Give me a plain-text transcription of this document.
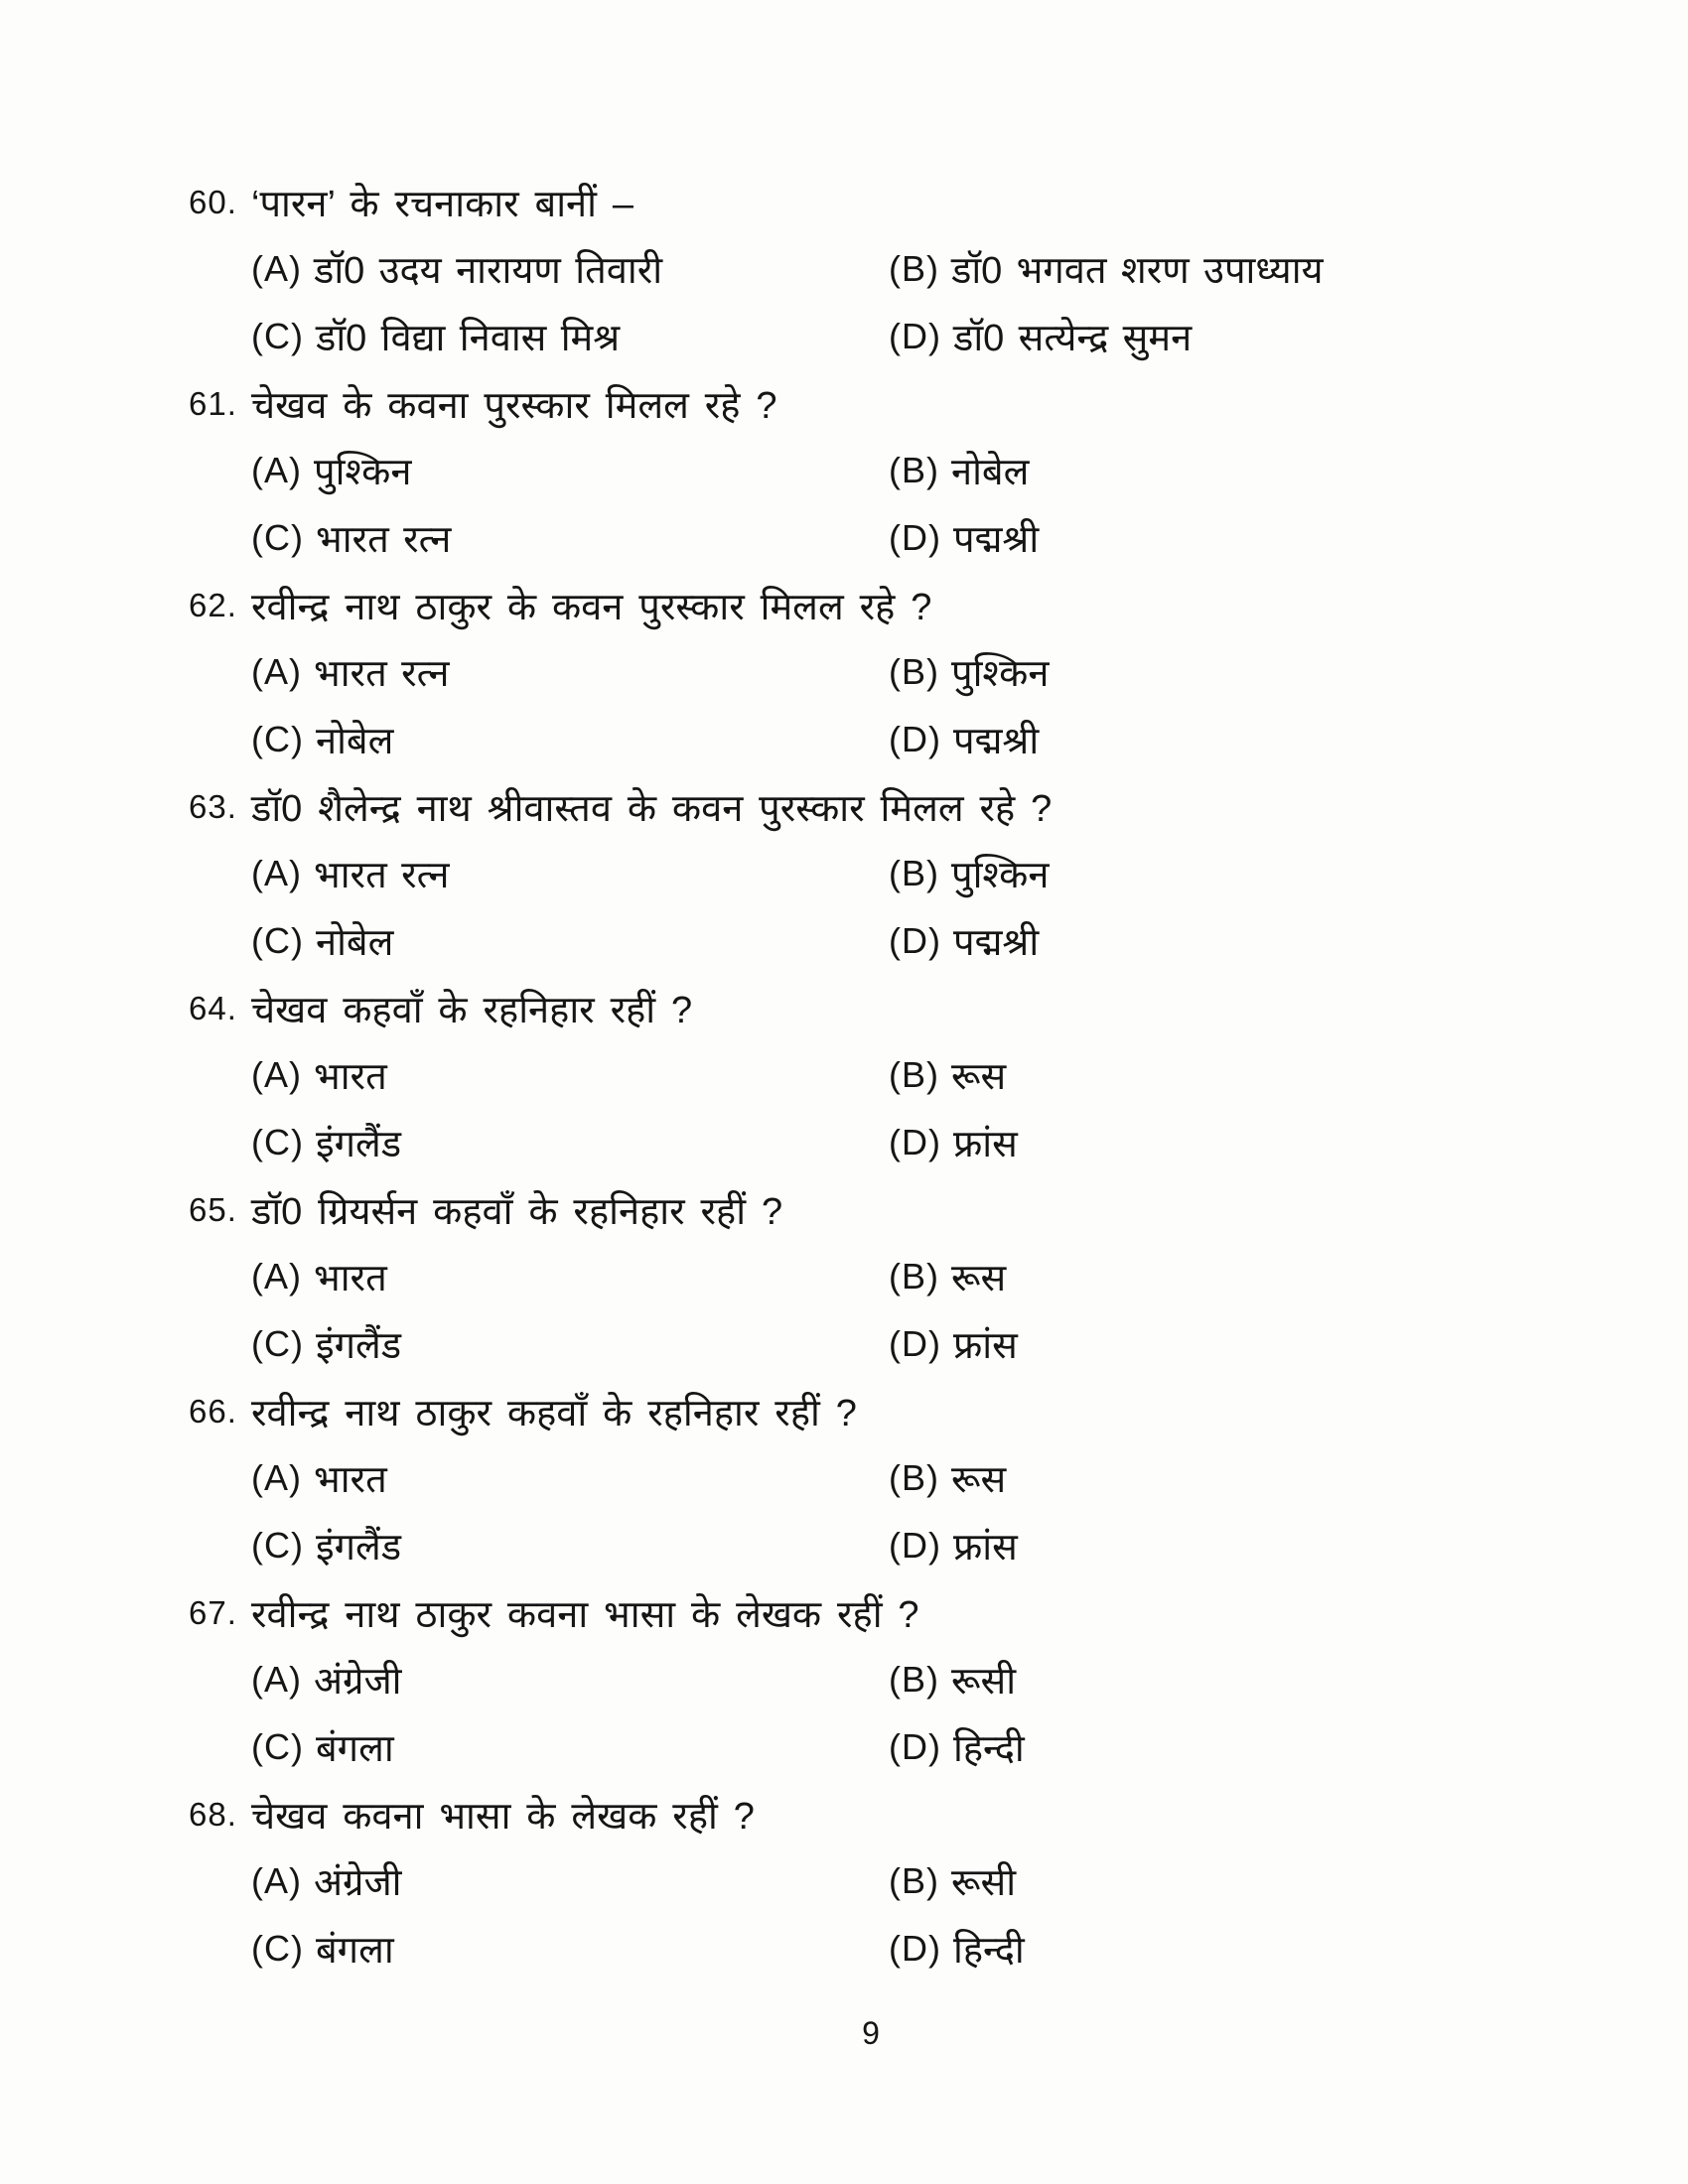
60. ‘पारन’ के रचनाकार बानीं –
(A) डॉ0 उदय नारायण तिवारी	(B) डॉ0 भगवत शरण उपाध्याय
(C) डॉ0 विद्या निवास मिश्र	(D) डॉ0 सत्येन्द्र सुमन
61. चेखव के कवना पुरस्कार मिलल रहे ?
(A) पुश्किन	(B) नोबेल
(C) भारत रत्न	(D) पद्मश्री
62. रवीन्द्र नाथ ठाकुर के कवन पुरस्कार मिलल रहे ?
(A) भारत रत्न	(B) पुश्किन
(C) नोबेल	(D) पद्मश्री
63. डॉ0 शैलेन्द्र नाथ श्रीवास्तव के कवन पुरस्कार मिलल रहे ?
(A) भारत रत्न	(B) पुश्किन
(C) नोबेल	(D) पद्मश्री
64. चेखव कहवाँ के रहनिहार रहीं ?
(A) भारत	(B) रूस
(C) इंगलैंड	(D) फ्रांस
65. डॉ0 ग्रियर्सन कहवाँ के रहनिहार रहीं ?
(A) भारत	(B) रूस
(C) इंगलैंड	(D) फ्रांस
66. रवीन्द्र नाथ ठाकुर कहवाँ के रहनिहार रहीं ?
(A) भारत	(B) रूस
(C) इंगलैंड	(D) फ्रांस
67. रवीन्द्र नाथ ठाकुर कवना भासा के लेखक रहीं ?
(A) अंग्रेजी	(B) रूसी
(C) बंगला	(D) हिन्दी
68. चेखव कवना भासा के लेखक रहीं ?
(A) अंग्रेजी	(B) रूसी
(C) बंगला	(D) हिन्दी
9
